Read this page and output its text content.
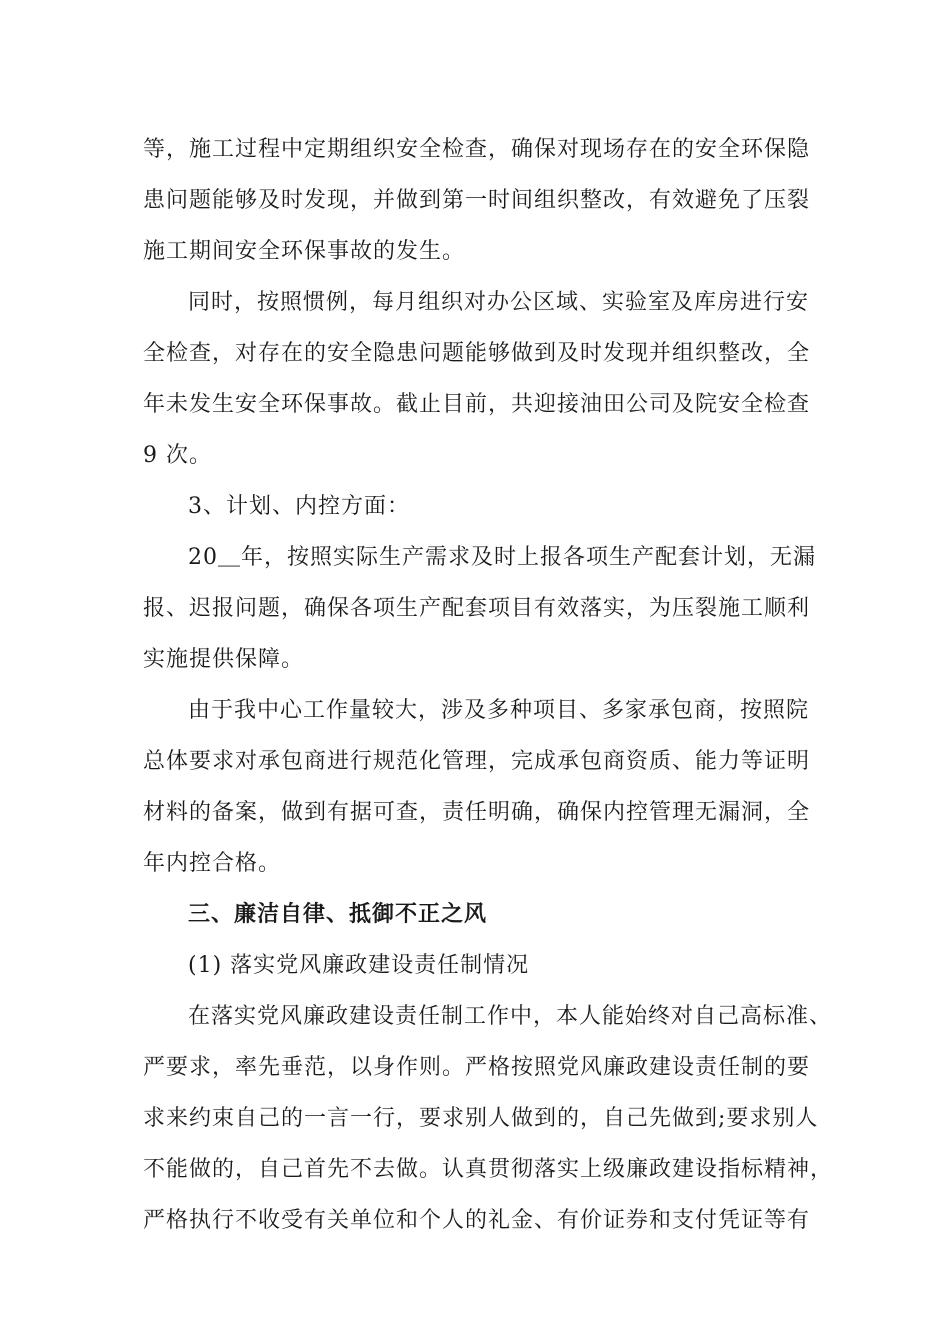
等，施工过程中定期组织安全检查，确保对现场存在的安全环保隐
患问题能够及时发现，并做到第一时间组织整改，有效避免了压裂
施工期间安全环保事故的发生。
同时，按照惯例，每月组织对办公区域、实验室及库房进行安
全检查，对存在的安全隐患问题能够做到及时发现并组织整改，全
年未发生安全环保事故。截止目前，共迎接油田公司及院安全检查
9 次。
3、计划、内控方面：
20＿年，按照实际生产需求及时上报各项生产配套计划，无漏
报、迟报问题，确保各项生产配套项目有效落实，为压裂施工顺利
实施提供保障。
由于我中心工作量较大，涉及多种项目、多家承包商，按照院
总体要求对承包商进行规范化管理，完成承包商资质、能力等证明
材料的备案，做到有据可查，责任明确，确保内控管理无漏洞，全
年内控合格。
三、廉洁自律、抵御不正之风
(1) 落实党风廉政建设责任制情况
在落实党风廉政建设责任制工作中，本人能始终对自己高标准、
严要求，率先垂范，以身作则。严格按照党风廉政建设责任制的要
求来约束自己的一言一行，要求别人做到的，自己先做到;要求别人
不能做的，自己首先不去做。认真贯彻落实上级廉政建设指标精神，
严格执行不收受有关单位和个人的礼金、有价证券和支付凭证等有
